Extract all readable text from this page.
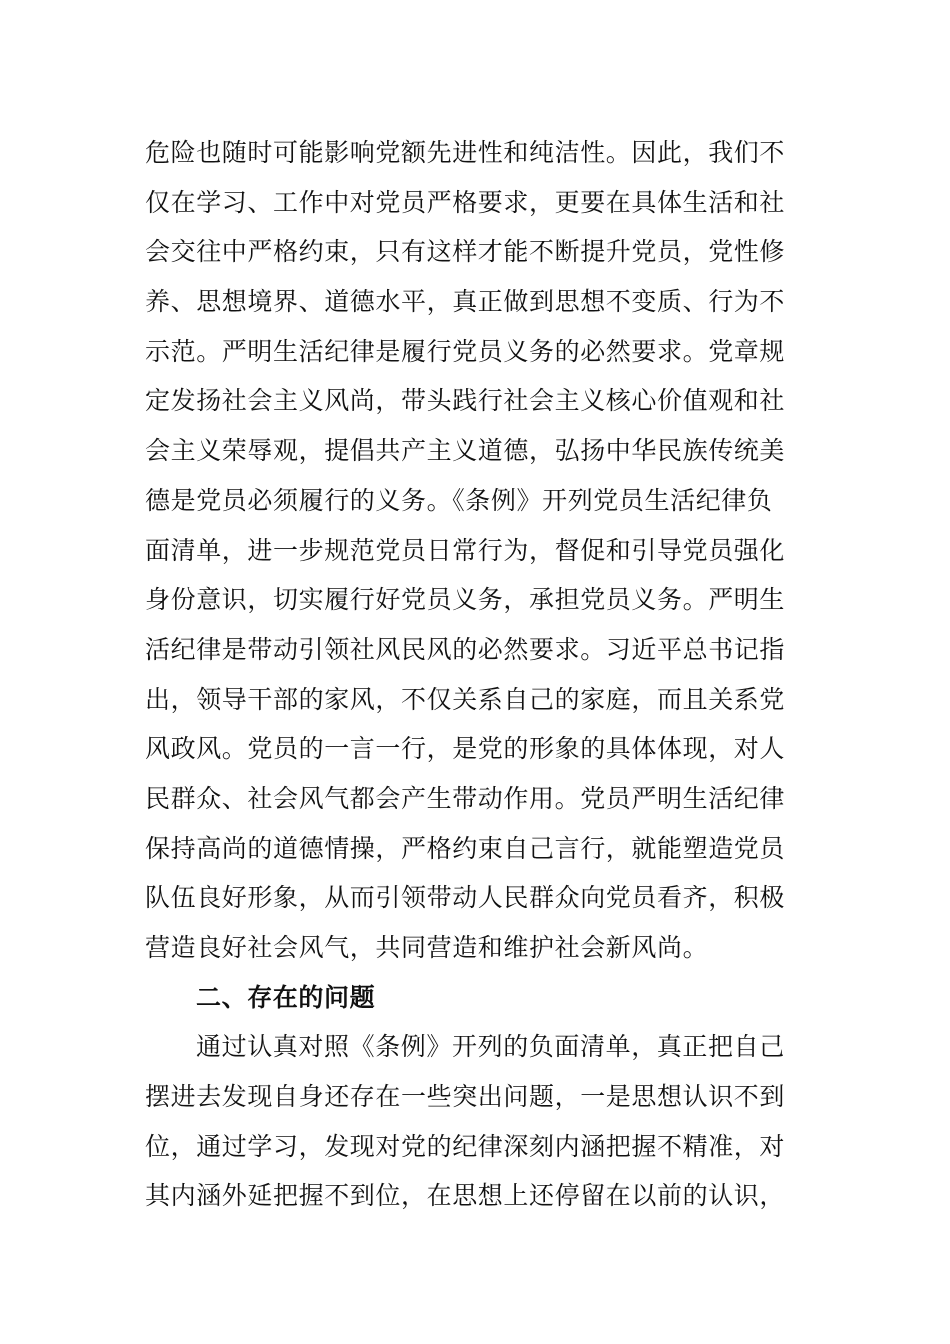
危险也随时可能影响党额先进性和纯洁性。因此，我们不
仅在学习、工作中对党员严格要求，更要在具体生活和社
会交往中严格约束，只有这样才能不断提升党员，党性修
养、思想境界、道德水平，真正做到思想不变质、行为不
示范。严明生活纪律是履行党员义务的必然要求。党章规
定发扬社会主义风尚，带头践行社会主义核心价值观和社
会主义荣辱观，提倡共产主义道德，弘扬中华民族传统美
德是党员必须履行的义务。《条例》开列党员生活纪律负
面清单，进一步规范党员日常行为，督促和引导党员强化
身份意识，切实履行好党员义务，承担党员义务。严明生
活纪律是带动引领社风民风的必然要求。习近平总书记指
出，领导干部的家风，不仅关系自己的家庭，而且关系党
风政风。党员的一言一行，是党的形象的具体体现，对人
民群众、社会风气都会产生带动作用。党员严明生活纪律
保持高尚的道德情操，严格约束自己言行，就能塑造党员
队伍良好形象，从而引领带动人民群众向党员看齐，积极
营造良好社会风气，共同营造和维护社会新风尚。
二、存在的问题
通过认真对照《条例》开列的负面清单，真正把自己
摆进去发现自身还存在一些突出问题，一是思想认识不到
位，通过学习，发现对党的纪律深刻内涵把握不精准，对
其内涵外延把握不到位，在思想上还停留在以前的认识，
